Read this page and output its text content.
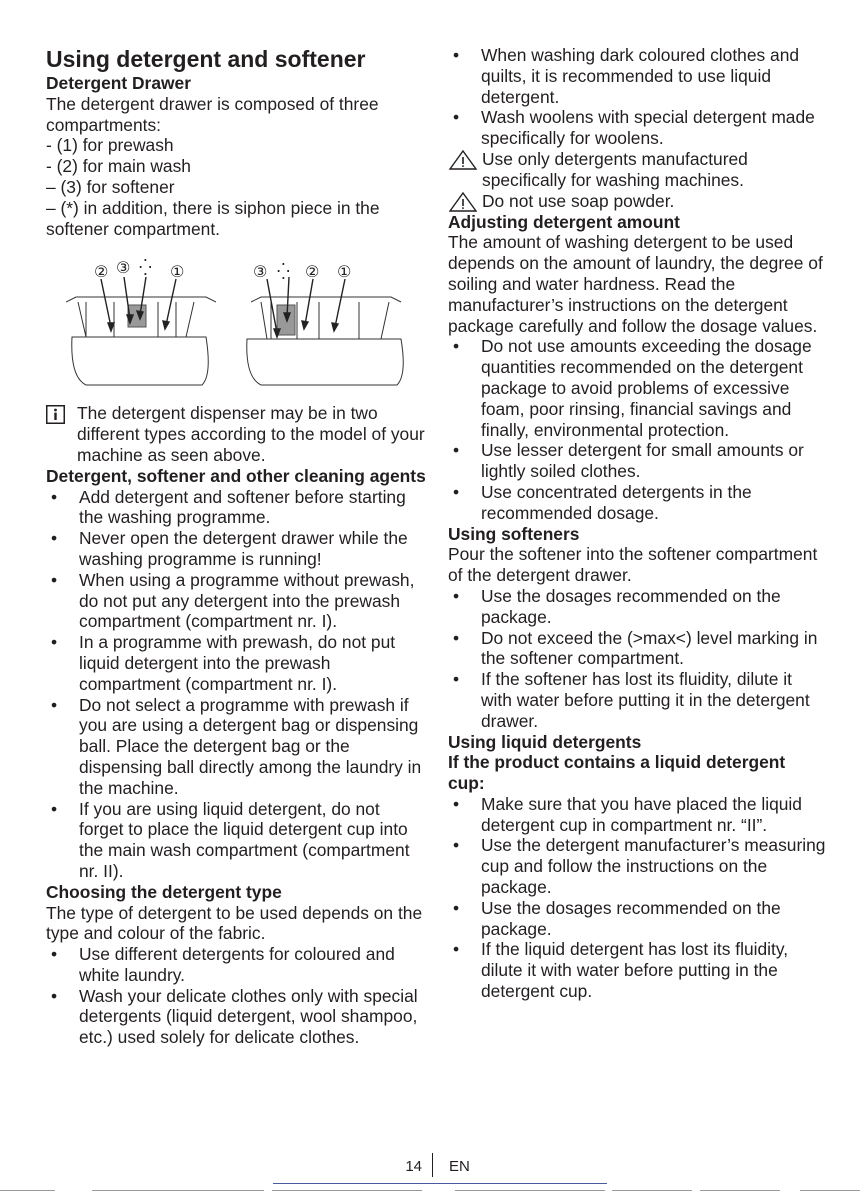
Using detergent and softener
Detergent Drawer

The detergent drawer is composed of three compartments:

- (1) for prewash

- (2) for main wash

– (3) for softener

– (*) in addition, there is siphon piece in the softener compartment.

② ③ ⁛ ①	③ ⁛ ② ①

The detergent dispenser may be in two different types according to the model of your machine as seen above.

Detergent, softener and other cleaning agents
• Add detergent and softener before starting the washing programme.
• Never open the detergent drawer while the washing programme is running!
• When using a programme without prewash, do not put any detergent into the prewash compartment (compartment nr. I).
• In a programme with prewash, do not put liquid detergent into the prewash compartment (compartment nr. I).
• Do not select a programme with prewash if you are using a detergent bag or dispensing ball. Place the detergent bag or the dispensing ball directly among the laundry in the machine.
• If you are using liquid detergent, do not forget to place the liquid detergent cup into the main wash compartment (compartment nr. II).
Choosing the detergent type

The type of detergent to be used depends on the type and colour of the fabric.

• Use different detergents for coloured and white laundry.
• Wash your delicate clothes only with special detergents (liquid detergent, wool shampoo, etc.) used solely for delicate clothes.
• When washing dark coloured clothes and quilts, it is recommended to use liquid detergent.
• Wash woolens with special detergent made specifically for woolens.

Use only detergents manufactured specifically for washing machines.

Do not use soap powder.

Adjusting detergent amount

The amount of washing detergent to be used depends on the amount of laundry, the degree of soiling and water hardness. Read the manufacturer’s instructions on the detergent package carefully and follow the dosage values.

• Do not use amounts exceeding the dosage quantities recommended on the detergent package to avoid problems of excessive foam, poor rinsing, financial savings and finally, environmental protection.
• Use lesser detergent for small amounts or lightly soiled clothes.
• Use concentrated detergents in the recommended dosage.
Using softeners

Pour the softener into the softener compartment of the detergent drawer.

• Use the dosages recommended on the package.
• Do not exceed the (>max<) level marking in the softener compartment.
• If the softener has lost its fluidity, dilute it with water before putting it in the detergent drawer.
Using liquid detergents
If the product contains a liquid detergent cup:
• Make sure that you have placed the liquid detergent cup in compartment nr. “II”.
• Use the detergent manufacturer’s measuring cup and follow the instructions on the package.
• Use the dosages recommended on the package.
• If the liquid detergent has lost its fluidity, dilute it with water before putting in the detergent cup.
14 EN
